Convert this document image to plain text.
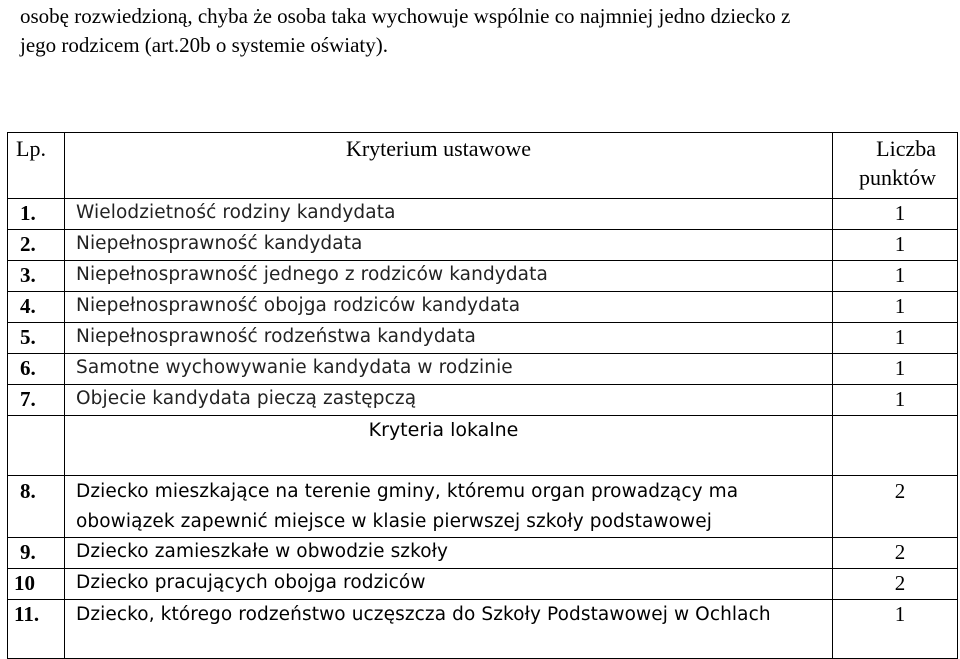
osobę rozwiedzioną, chyba że osoba taka wychowuje wspólnie co najmniej jedno dziecko z
jego rodzicem (art.20b o systemie oświaty).

Lp.	Kryterium ustawowe	Liczba punktów
1.	Wielodzietność rodziny kandydata	1
2.	Niepełnosprawność kandydata	1
3.	Niepełnosprawność jednego z rodziców kandydata	1
4.	Niepełnosprawność obojga rodziców kandydata	1
5.	Niepełnosprawność rodzeństwa kandydata	1
6.	Samotne wychowywanie kandydata w rodzinie	1
7.	Objecie kandydata pieczą zastępczą	1
	Kryteria lokalne	
8.	Dziecko mieszkające na terenie gminy, któremu organ prowadzący ma obowiązek zapewnić miejsce w klasie pierwszej szkoły podstawowej	2
9.	Dziecko zamieszkałe w obwodzie szkoły	2
10	Dziecko pracujących obojga rodziców	2
11.	Dziecko, którego rodzeństwo uczęszcza do Szkoły Podstawowej w Ochlach	1
